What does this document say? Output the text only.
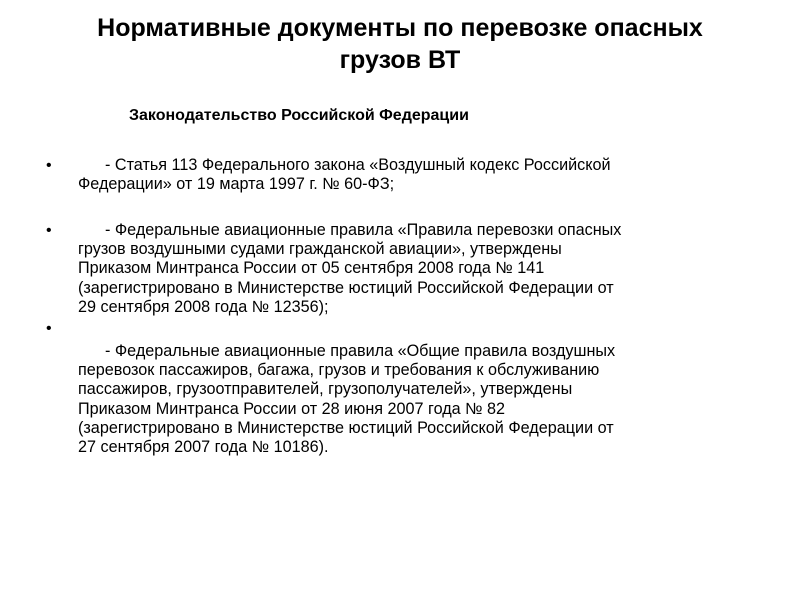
Нормативные документы по перевозке опасных
грузов ВТ
Законодательство Российской Федерации
• - Статья 113 Федерального закона «Воздушный кодекс Российской
Федерации» от 19 марта 1997 г. № 60-ФЗ;
• - Федеральные авиационные правила «Правила перевозки опасных
грузов воздушными судами гражданской авиации», утверждены
Приказом Минтранса России от 05 сентября 2008 года № 141
(зарегистрировано в Министерстве юстиций Российской Федерации от
29 сентября 2008 года № 12356);
•
- Федеральные авиационные правила «Общие правила воздушных
перевозок пассажиров, багажа, грузов и требования к обслуживанию
пассажиров, грузоотправителей, грузополучателей», утверждены
Приказом Минтранса России от 28 июня 2007 года № 82
(зарегистрировано в Министерстве юстиций Российской Федерации от
27 сентября 2007 года № 10186).
